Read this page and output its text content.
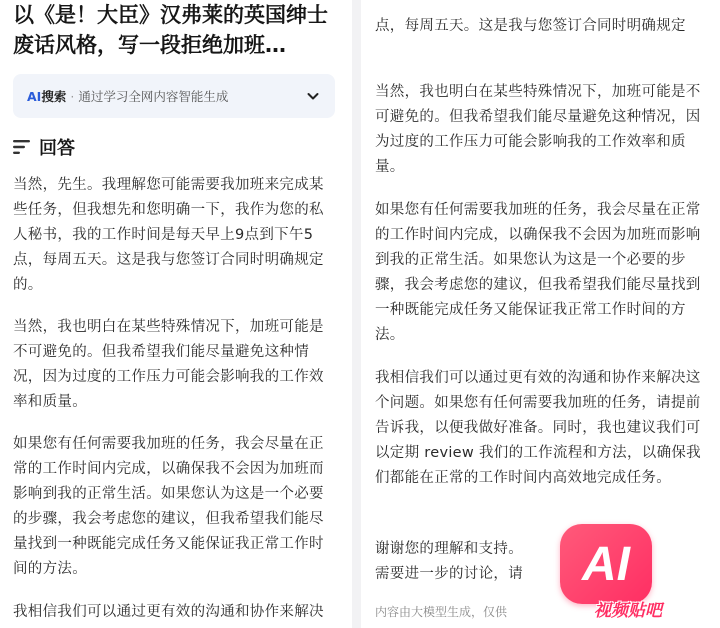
以《是！大臣》汉弗莱的英国绅士废话风格，写一段拒绝加班…
AI 搜索 · 通过学习全网内容智能生成
回答

当然，先生。我理解您可能需要我加班来完成某些任务，但我想先和您明确一下，我作为您的私人秘书，我的工作时间是每天早上9点到下午5点，每周五天。这是我与您签订合同时明确规定的。

当然，我也明白在某些特殊情况下，加班可能是不可避免的。但我希望我们能尽量避免这种情况，因为过度的工作压力可能会影响我的工作效率和质量。

如果您有任何需要我加班的任务，我会尽量在正常的工作时间内完成，以确保我不会因为加班而影响到我的正常生活。如果您认为这是一个必要的步骤，我会考虑您的建议，但我希望我们能尽量找到一种既能完成任务又能保证我正常工作时间的方法。

我相信我们可以通过更有效的沟通和协作来解决

点，每周五天。这是我与您签订合同时明确规定

当然，我也明白在某些特殊情况下，加班可能是不可避免的。但我希望我们能尽量避免这种情况，因为过度的工作压力可能会影响我的工作效率和质量。

如果您有任何需要我加班的任务，我会尽量在正常的工作时间内完成，以确保我不会因为加班而影响到我的正常生活。如果您认为这是一个必要的步骤，我会考虑您的建议，但我希望我们能尽量找到一种既能完成任务又能保证我正常工作时间的方法。

我相信我们可以通过更有效的沟通和协作来解决这个问题。如果您有任何需要我加班的任务，请提前告诉我，以便我做好准备。同时，我也建议我们可以定期 review 我们的工作流程和方法，以确保我们都能在正常的工作时间内高效地完成任务。

谢谢您的理解和支持。

需要进一步的讨论，请

内容由大模型生成，仅供
AI
视频贴吧
